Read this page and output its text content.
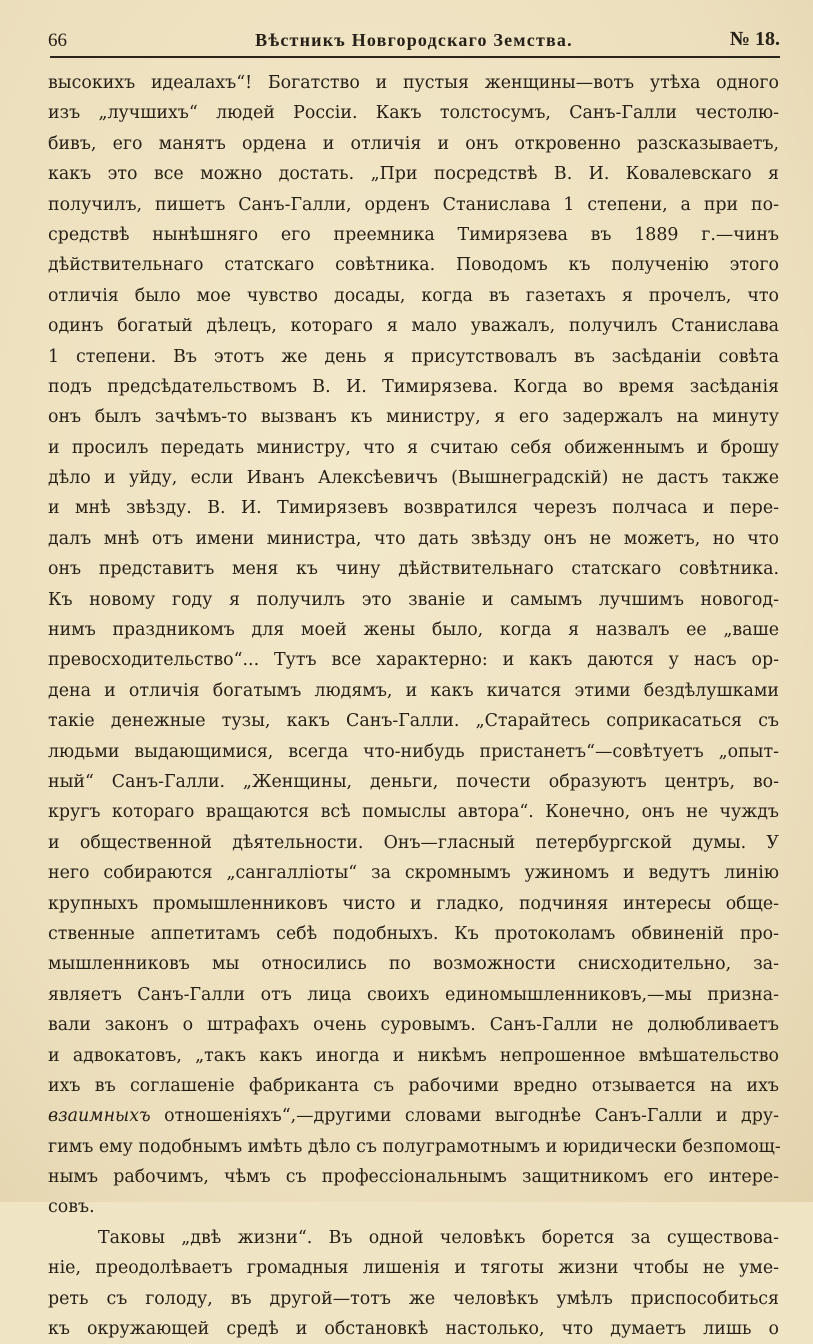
66	Вѣстникъ Новгородскаго Земства.	№ 18.
высокихъ идеалахъ“! Богатство и пустыя женщины—вотъ утѣха одного
изъ „лучшихъ“ людей Россіи. Какъ толстосумъ, Санъ-Галли честолю-
бивъ, его манятъ ордена и отличія и онъ откровенно разсказываетъ,
какъ это все можно достать. „При посредствѣ В. И. Ковалевскаго я
получилъ, пишетъ Санъ-Галли, орденъ Станислава 1 степени, а при по-
средствѣ нынѣшняго его преемника Тимирязева въ 1889 г.—чинъ
дѣйствительнаго статскаго совѣтника. Поводомъ къ полученію этого
отличія было мое чувство досады, когда въ газетахъ я прочелъ, что
одинъ богатый дѣлецъ, котораго я мало уважалъ, получилъ Станислава
1 степени. Въ этотъ же день я присутствовалъ въ засѣданіи совѣта
подъ предсѣдательствомъ В. И. Тимирязева. Когда во время засѣданія
онъ былъ зачѣмъ-то вызванъ къ министру, я его задержалъ на минуту
и просилъ передать министру, что я считаю себя обиженнымъ и брошу
дѣло и уйду, если Иванъ Алексѣевичъ (Вышнеградскій) не дастъ также
и мнѣ звѣзду. В. И. Тимирязевъ возвратился черезъ полчаса и пере-
далъ мнѣ отъ имени министра, что дать звѣзду онъ не можетъ, но что
онъ представитъ меня къ чину дѣйствительнаго статскаго совѣтника.
Къ новому году я получилъ это званіе и самымъ лучшимъ новогод-
нимъ праздникомъ для моей жены было, когда я назвалъ ее „ваше
превосходительство“... Тутъ все характерно: и какъ даются у насъ ор-
дена и отличія богатымъ людямъ, и какъ кичатся этими бездѣлушками
такіе денежные тузы, какъ Санъ-Галли. „Старайтесь соприкасаться съ
людьми выдающимися, всегда что-нибудь пристанетъ“—совѣтуетъ „опыт-
ный“ Санъ-Галли. „Женщины, деньги, почести образуютъ центръ, во-
кругъ котораго вращаются всѣ помыслы автора“. Конечно, онъ не чуждъ
и общественной дѣятельности. Онъ—гласный петербургской думы. У
него собираются „сангалліоты“ за скромнымъ ужиномъ и ведутъ линію
крупныхъ промышленниковъ чисто и гладко, подчиняя интересы обще-
ственные аппетитамъ себѣ подобныхъ. Къ протоколамъ обвиненій про-
мышленниковъ мы относились по возможности снисходительно, за-
являетъ Санъ-Галли отъ лица своихъ единомышленниковъ,—мы призна-
вали законъ о штрафахъ очень суровымъ. Санъ-Галли не долюбливаетъ
и адвокатовъ, „такъ какъ иногда и никѣмъ непрошенное вмѣшательство
ихъ въ соглашеніе фабриканта съ рабочими вредно отзывается на ихъ
взаимныхъ отношеніяхъ“,—другими словами выгоднѣе Санъ-Галли и дру-
гимъ ему подобнымъ имѣть дѣло съ полуграмотнымъ и юридически безпомощ-
нымъ рабочимъ, чѣмъ съ профессіональнымъ защитникомъ его интере-
совъ.
Таковы „двѣ жизни“. Въ одной человѣкъ борется за существова-
ніе, преодолѣваетъ громадныя лишенія и тяготы жизни чтобы не уме-
реть съ голоду, въ другой—тотъ же человѣкъ умѣлъ приспособиться
къ окружающей средѣ и обстановкѣ настолько, что думаетъ лишь о
